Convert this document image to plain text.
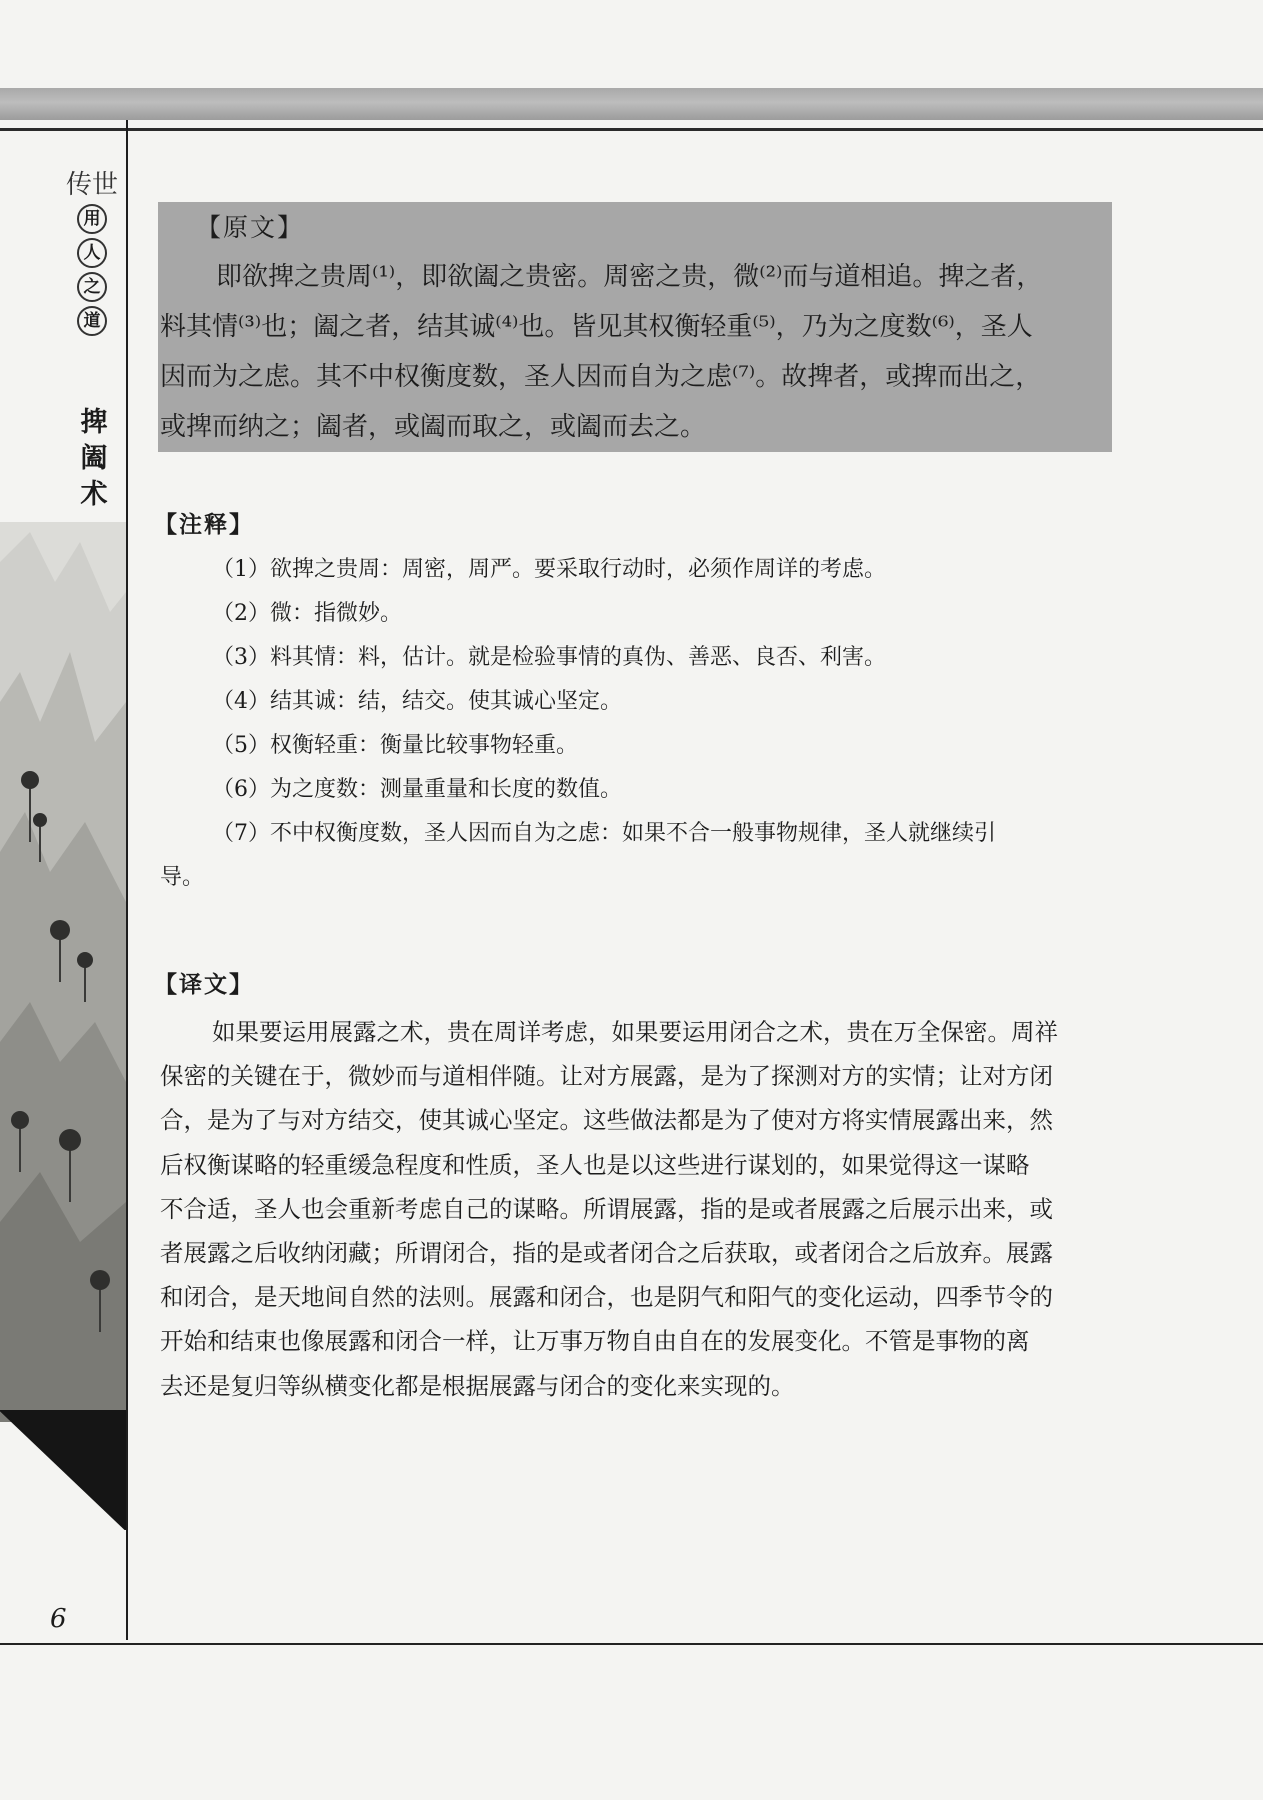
传世
用
人
之
道
捭
阖
术
6
【原文】
即欲捭之贵周⁽¹⁾，即欲阖之贵密。周密之贵，微⁽²⁾而与道相追。捭之者，
料其情⁽³⁾也；阖之者，结其诚⁽⁴⁾也。皆见其权衡轻重⁽⁵⁾，乃为之度数⁽⁶⁾，圣人
因而为之虑。其不中权衡度数，圣人因而自为之虑⁽⁷⁾。故捭者，或捭而出之，
或捭而纳之；阖者，或阖而取之，或阖而去之。
【注释】
（1）欲捭之贵周：周密，周严。要采取行动时，必须作周详的考虑。
（2）微：指微妙。
（3）料其情：料，估计。就是检验事情的真伪、善恶、良否、利害。
（4）结其诚：结，结交。使其诚心坚定。
（5）权衡轻重：衡量比较事物轻重。
（6）为之度数：测量重量和长度的数值。
（7）不中权衡度数，圣人因而自为之虑：如果不合一般事物规律，圣人就继续引
导。
【译文】
如果要运用展露之术，贵在周详考虑，如果要运用闭合之术，贵在万全保密。周祥
保密的关键在于，微妙而与道相伴随。让对方展露，是为了探测对方的实情；让对方闭
合，是为了与对方结交，使其诚心坚定。这些做法都是为了使对方将实情展露出来，然
后权衡谋略的轻重缓急程度和性质，圣人也是以这些进行谋划的，如果觉得这一谋略
不合适，圣人也会重新考虑自己的谋略。所谓展露，指的是或者展露之后展示出来，或
者展露之后收纳闭藏；所谓闭合，指的是或者闭合之后获取，或者闭合之后放弃。展露
和闭合，是天地间自然的法则。展露和闭合，也是阴气和阳气的变化运动，四季节令的
开始和结束也像展露和闭合一样，让万事万物自由自在的发展变化。不管是事物的离
去还是复归等纵横变化都是根据展露与闭合的变化来实现的。
